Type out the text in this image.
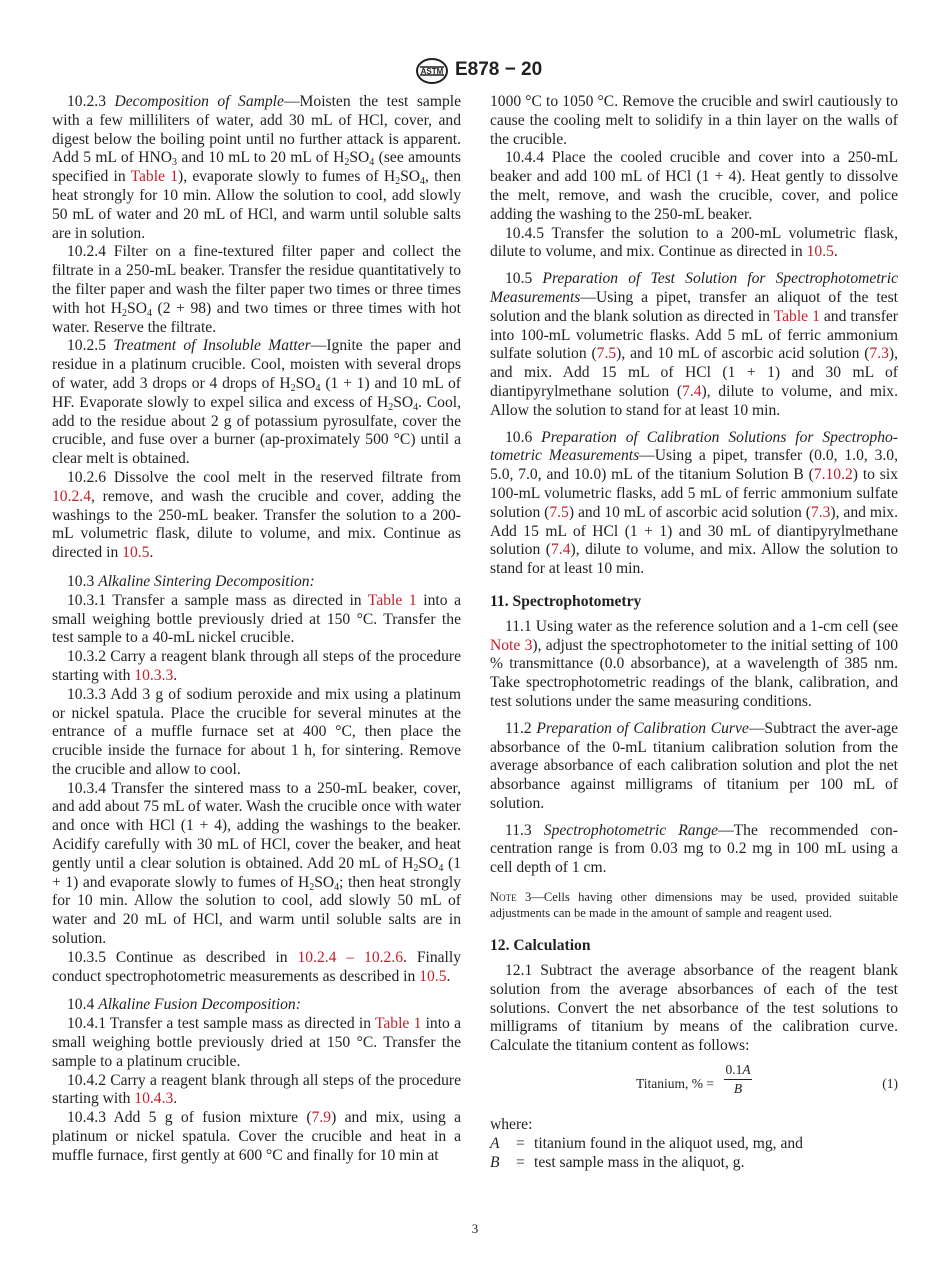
ASTM E878 − 20

10.2.3 Decomposition of Sample—Moisten the test sample with a few milliliters of water, add 30 mL of HCl, cover, and digest below the boiling point until no further attack is apparent. Add 5 mL of $HNO_3$ and 10 mL to 20 mL of $H_2SO_4$ (see amounts specified in Table 1), evaporate slowly to fumes of $H_2SO_4$, then heat strongly for 10 min. Allow the solution to cool, add slowly 50 mL of water and 20 mL of HCl, and warm until soluble salts are in solution.

10.2.4 Filter on a fine-textured filter paper and collect the filtrate in a 250-mL beaker. Transfer the residue quantitatively to the filter paper and wash the filter paper two times or three times with hot $H_2SO_4$ (2 + 98) and two times or three times with hot water. Reserve the filtrate.

10.2.5 Treatment of Insoluble Matter—Ignite the paper and residue in a platinum crucible. Cool, moisten with several drops of water, add 3 drops or 4 drops of $H_2SO_4$ (1 + 1) and 10 mL of HF. Evaporate slowly to expel silica and excess of $H_2SO_4$. Cool, add to the residue about 2 g of potassium pyrosulfate, cover the crucible, and fuse over a burner (ap-proximately 500 °C) until a clear melt is obtained.

10.2.6 Dissolve the cool melt in the reserved filtrate from 10.2.4, remove, and wash the crucible and cover, adding the washings to the 250-mL beaker. Transfer the solution to a 200-mL volumetric flask, dilute to volume, and mix. Continue as directed in 10.5.

10.3 Alkaline Sintering Decomposition:

10.3.1 Transfer a sample mass as directed in Table 1 into a small weighing bottle previously dried at 150 °C. Transfer the test sample to a 40-mL nickel crucible.

10.3.2 Carry a reagent blank through all steps of the procedure starting with 10.3.3.

10.3.3 Add 3 g of sodium peroxide and mix using a platinum or nickel spatula. Place the crucible for several minutes at the entrance of a muffle furnace set at 400 °C, then place the crucible inside the furnace for about 1 h, for sintering. Remove the crucible and allow to cool.

10.3.4 Transfer the sintered mass to a 250-mL beaker, cover, and add about 75 mL of water. Wash the crucible once with water and once with HCl (1 + 4), adding the washings to the beaker. Acidify carefully with 30 mL of HCl, cover the beaker, and heat gently until a clear solution is obtained. Add 20 mL of $H_2SO_4$ (1 + 1) and evaporate slowly to fumes of $H_2SO_4$; then heat strongly for 10 min. Allow the solution to cool, add slowly 50 mL of water and 20 mL of HCl, and warm until soluble salts are in solution.

10.3.5 Continue as described in 10.2.4 – 10.2.6. Finally conduct spectrophotometric measurements as described in 10.5.

10.4 Alkaline Fusion Decomposition:

10.4.1 Transfer a test sample mass as directed in Table 1 into a small weighing bottle previously dried at 150 °C. Transfer the sample to a platinum crucible.

10.4.2 Carry a reagent blank through all steps of the procedure starting with 10.4.3.

10.4.3 Add 5 g of fusion mixture (7.9) and mix, using a platinum or nickel spatula. Cover the crucible and heat in a muffle furnace, first gently at 600 °C and finally for 10 min at

1000 °C to 1050 °C. Remove the crucible and swirl cautiously to cause the cooling melt to solidify in a thin layer on the walls of the crucible.

10.4.4 Place the cooled crucible and cover into a 250-mL beaker and add 100 mL of HCl (1 + 4). Heat gently to dissolve the melt, remove, and wash the crucible, cover, and police adding the washing to the 250-mL beaker.

10.4.5 Transfer the solution to a 200-mL volumetric flask, dilute to volume, and mix. Continue as directed in 10.5.

10.5 Preparation of Test Solution for Spectrophotometric Measurements—Using a pipet, transfer an aliquot of the test solution and the blank solution as directed in Table 1 and transfer into 100-mL volumetric flasks. Add 5 mL of ferric ammonium sulfate solution (7.5), and 10 mL of ascorbic acid solution (7.3), and mix. Add 15 mL of HCl (1 + 1) and 30 mL of diantipyrylmethane solution (7.4), dilute to volume, and mix. Allow the solution to stand for at least 10 min.

10.6 Preparation of Calibration Solutions for Spectropho-tometric Measurements—Using a pipet, transfer (0.0, 1.0, 3.0, 5.0, 7.0, and 10.0) mL of the titanium Solution B (7.10.2) to six 100-mL volumetric flasks, add 5 mL of ferric ammonium sulfate solution (7.5) and 10 mL of ascorbic acid solution (7.3), and mix. Add 15 mL of HCl (1 + 1) and 30 mL of diantipyrylmethane solution (7.4), dilute to volume, and mix. Allow the solution to stand for at least 10 min.

11. Spectrophotometry

11.1 Using water as the reference solution and a 1-cm cell (see Note 3), adjust the spectrophotometer to the initial setting of 100 % transmittance (0.0 absorbance), at a wavelength of 385 nm. Take spectrophotometric readings of the blank, calibration, and test solutions under the same measuring conditions.

11.2 Preparation of Calibration Curve—Subtract the aver-age absorbance of the 0-mL titanium calibration solution from the average absorbance of each calibration solution and plot the net absorbance against milligrams of titanium per 100 mL of solution.

11.3 Spectrophotometric Range—The recommended con-centration range is from 0.03 mg to 0.2 mg in 100 mL using a cell depth of 1 cm.

Note 3—Cells having other dimensions may be used, provided suitable adjustments can be made in the amount of sample and reagent used.

12. Calculation

12.1 Subtract the average absorbance of the reagent blank solution from the average absorbances of each of the test solutions. Convert the net absorbance of the test solutions to milligrams of titanium by means of the calibration curve. Calculate the titanium content as follows:

Titanium, % =
0.1A
B	(1)

where:

A	= titanium found in the aliquot used, mg, and
B	= test sample mass in the aliquot, g.
3
